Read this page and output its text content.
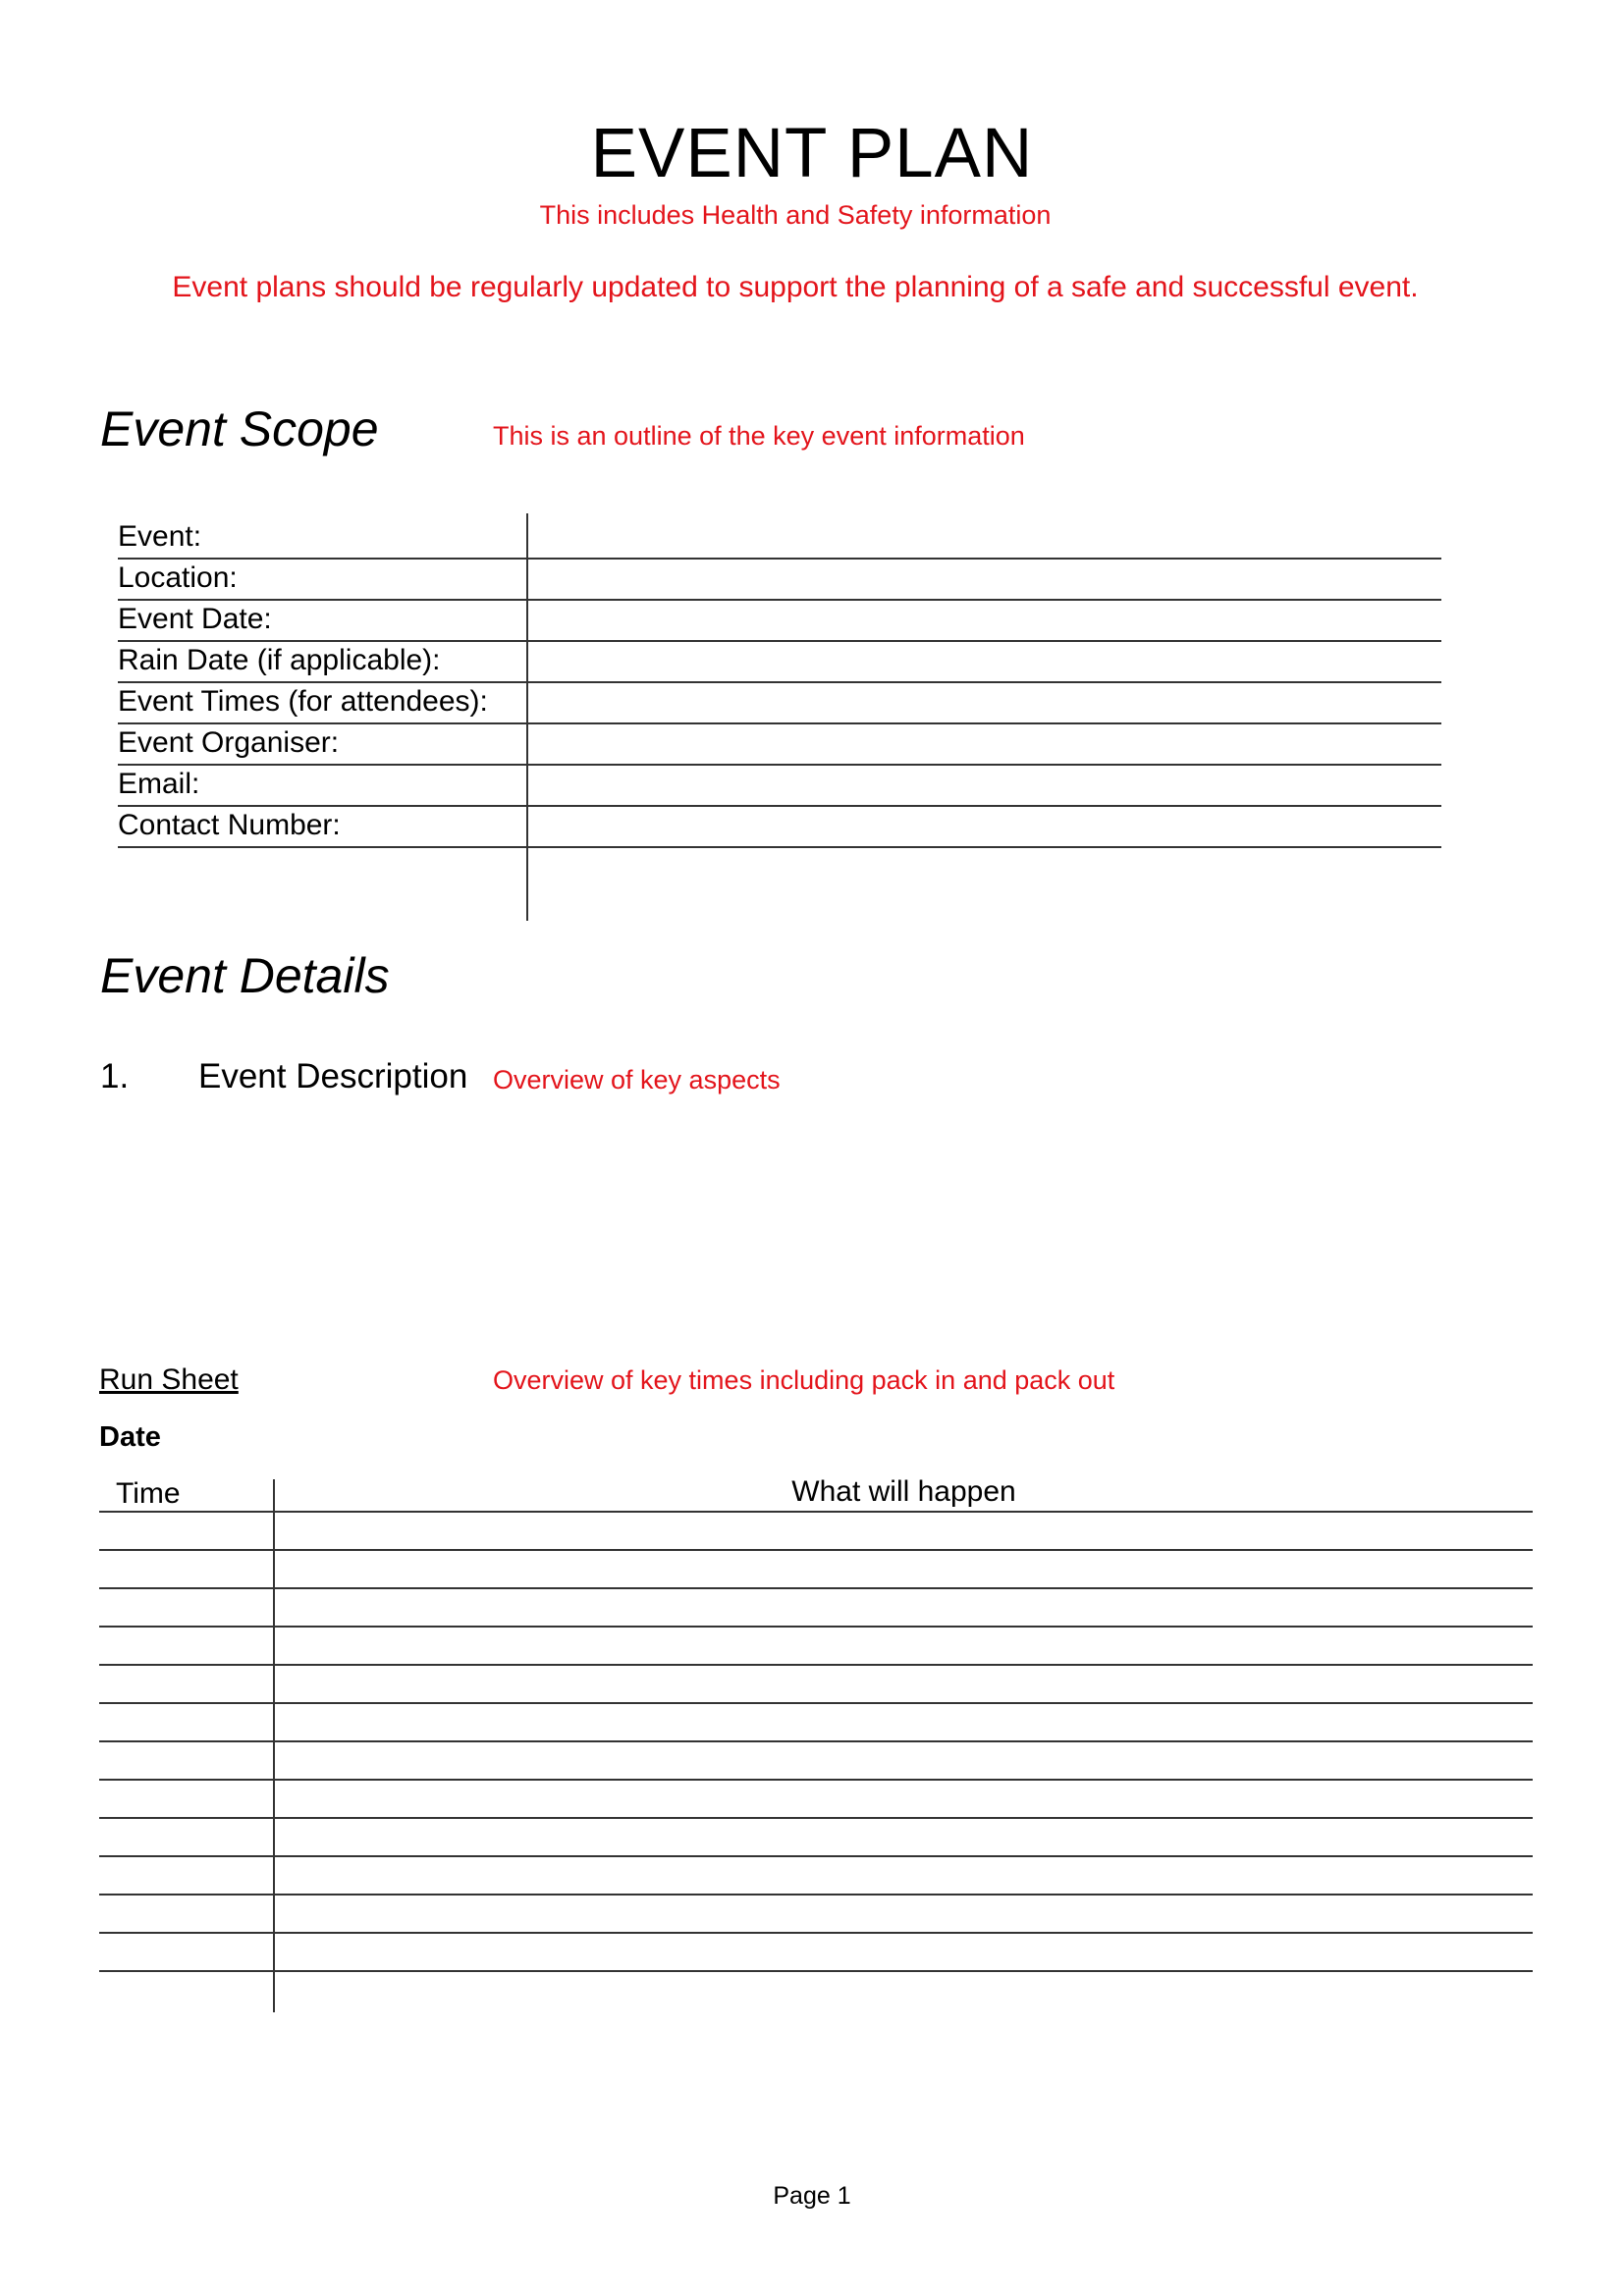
EVENT PLAN
This includes Health and Safety information
Event plans should be regularly updated to support the planning of a safe and successful event.
Event Scope	This is an outline of the key event information
Event:
Location:
Event Date:
Rain Date (if applicable):
Event Times (for attendees):
Event Organiser:
Email:
Contact Number:
Event Details
1. Event Description Overview of key aspects
Run Sheet	Overview of key times including pack in and pack out
Date
Time	What will happen
Page 1
